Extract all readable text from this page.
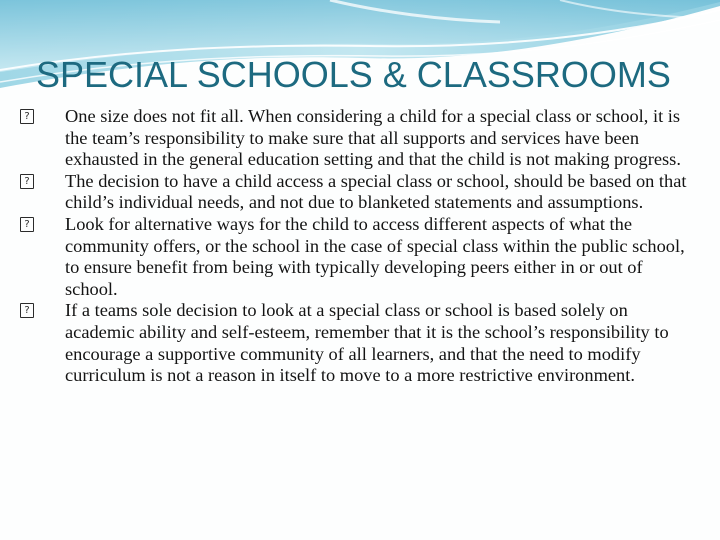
SPECIAL SCHOOLS & CLASSROOMS
?
One size does not fit all. When considering a child for a special class or school, it is the team’s responsibility to make sure that all supports and services have been exhausted in the general education setting and that the child is not making progress.
?
The decision to have a child access a special class or school, should be based on that child’s individual needs, and not due to blanketed statements and assumptions.
?
Look for alternative ways for the child to access different aspects of what the community offers, or the school in the case of special class within the public school, to ensure benefit from being with typically developing peers either in or out of school.
?
If a teams sole decision to look at a special class or school is based solely on academic ability and self-esteem, remember that it is the school’s responsibility to encourage a supportive community of all learners, and that the need to modify curriculum is not a reason in itself to move to a more restrictive environment.
